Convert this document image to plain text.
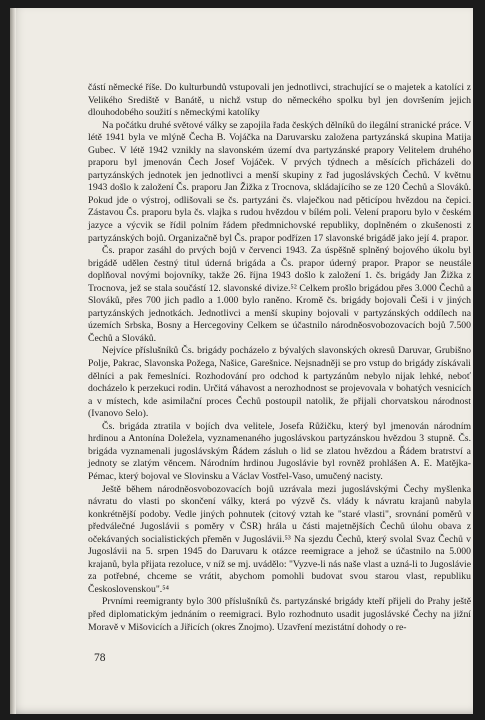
částí německé říše. Do kulturbundů vstupovali jen jednotlivci, strachující se o majetek a katolíci z Velikého Srediště v Banátě, u nichž vstup do německého spolku byl jen dovršením jejich dlouhodobého soužití s německými katolíky

Na počátku druhé světové války se zapojila řada českých dělníků do ilegální stranické práce. V létě 1941 byla ve mlýně Čecha B. Vojáčka na Daruvarsku založena partyzánská skupina Matija Gubec. V létě 1942 vznikly na slavonském území dva partyzánské prapory Velitelem druhého praporu byl jmenován Čech Josef Vojáček. V prvých týdnech a měsících přicházeli do partyzánských jednotek jen jednotlivci a menší skupiny z řad jugoslávských Čechů. V květnu 1943 došlo k založení Čs. praporu Jan Žižka z Trocnova, skládajícího se ze 120 Čechů a Slováků. Pokud jde o výstroj, odlišovali se čs. partyzáni čs. vlaječkou nad pěticípou hvězdou na čepici. Zástavou Čs. praporu byla čs. vlajka s rudou hvězdou v bílém poli. Velení praporu bylo v českém jazyce a výcvik se řídil polním řádem předmnichovské republiky, doplněném o zkušenosti z partyzánských bojů. Organizačně byl Čs. prapor podřízen 17 slavonské brigádě jako její 4. prapor.

Čs. prapor zasáhl do prvých bojů v červenci 1943. Za úspěšně splněný bojového úkolu byl brigádě udělen čestný titul úderná brigáda a Čs. prapor úderný prapor. Prapor se neustále doplňoval novými bojovníky, takže 26. října 1943 došlo k založení 1. čs. brigády Jan Žižka z Trocnova, jež se stala součástí 12. slavonské divize.⁵² Celkem prošlo brigádou přes 3.000 Čechů a Slováků, přes 700 jich padlo a 1.000 bylo raněno. Kromě čs. brigády bojovali Češi i v jiných partyzánských jednotkách. Jednotlivci a menší skupiny bojovali v partyzánských oddílech na územích Srbska, Bosny a Hercegoviny Celkem se účastnilo národněosvobozovacích bojů 7.500 Čechů a Slováků.

Nejvíce příslušníků Čs. brigády pocházelo z bývalých slavonských okresů Daruvar, Grubišno Polje, Pakrac, Slavonska Požega, Našice, Garešnice. Nejsnadněji se pro vstup do brigády získávali dělníci a pak řemeslníci. Rozhodování pro odchod k partyzánům nebylo nijak lehké, neboť docházelo k perzekuci rodin. Určitá váhavost a nerozhodnost se projevovala v bohatých vesnicích a v místech, kde asimilační proces Čechů postoupil natolik, že přijali chorvatskou národnost (Ivanovo Selo).

Čs. brigáda ztratila v bojích dva velitele, Josefa Růžičku, který byl jmenován národním hrdinou a Antonína Doležela, vyznamenaného jugoslávskou partyzánskou hvězdou 3 stupně. Čs. brigáda vyznamenali jugoslávským Řádem zásluh o lid se zlatou hvězdou a Řádem bratrství a jednoty se zlatým věncem. Národním hrdinou Jugoslávie byl rovněž prohlášen A. E. Matějka-Pémac, který bojoval ve Slovinsku a Václav Vostřel-Vaso, umučený nacisty.

Ještě během národněosvobozovacích bojů uzrávala mezi jugoslávskými Čechy myšlenka návratu do vlasti po skončení války, která po výzvě čs. vlády k návratu krajanů nabyla konkrétnější podoby. Vedle jiných pohnutek (citový vztah ke "staré vlasti", srovnání poměrů v předválečné Jugoslávii s poměry v ČSR) hrála u části majetnějších Čechů úlohu obava z očekávaných socialistických přeměn v Jugoslávii.⁵³ Na sjezdu Čechů, který svolal Svaz Čechů v Jugoslávii na 5. srpen 1945 do Daruvaru k otázce reemigrace a jehož se účastnilo na 5.000 krajanů, byla přijata rezoluce, v níž se mj. uvádělo: "Vyzve-li nás naše vlast a uzná-li to Jugoslávie za potřebné, chceme se vrátit, abychom pomohli budovat svou starou vlast, republiku Československou".⁵⁴

Prvními reemigranty bylo 300 příslušníků čs. partyzánské brigády kteří přijeli do Prahy ještě před diplomatickým jednáním o reemigraci. Bylo rozhodnuto usadit jugoslávské Čechy na jižní Moravě v Mišovicích a Jiřicích (okres Znojmo). Uzavření mezistátní dohody o re-

78
